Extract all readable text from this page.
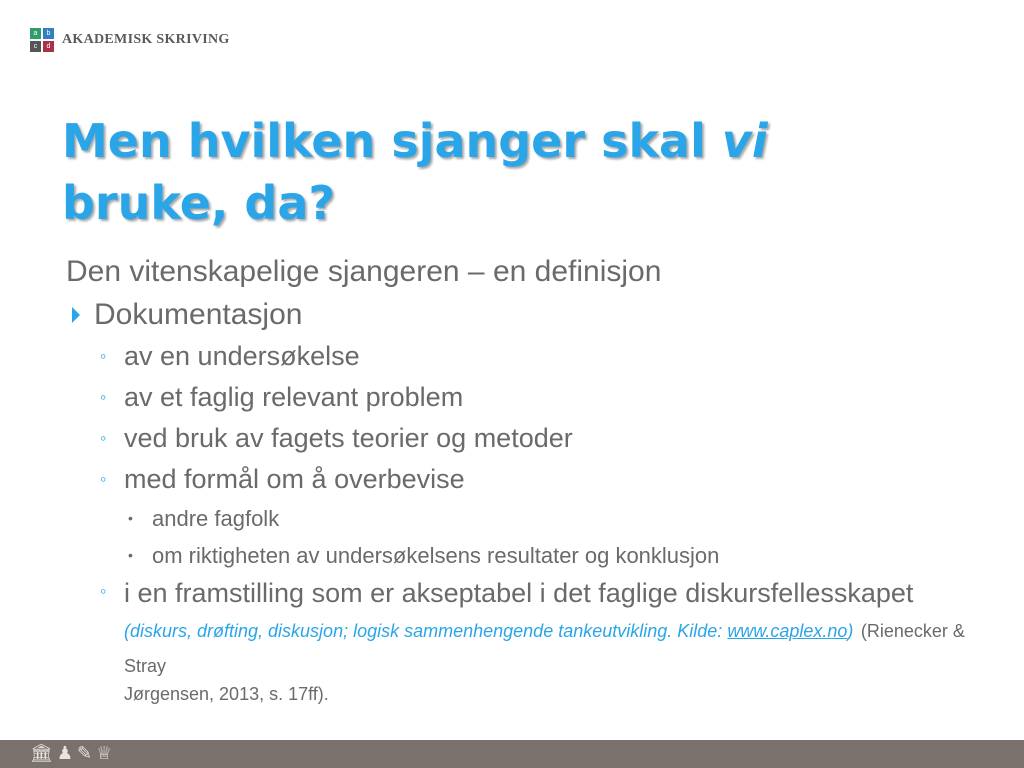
a	b
c	d AKADEMISK SKRIVING
Men hvilken sjanger skal vi
bruke, da?
Den vitenskapelige sjangeren – en definisjon
Dokumentasjon
◦ av en undersøkelse
◦ av et faglig relevant problem
◦ ved bruk av fagets teorier og metoder
◦ med formål om å overbevise
• andre fagfolk
• om riktigheten av undersøkelsens resultater og konklusjon
◦ i en framstilling som er akseptabel i det faglige diskursfellesskapet (diskurs, drøfting, diskusjon; logisk sammenhengende tankeutvikling. Kilde: www.caplex.no) (Rienecker & Stray
Jørgensen, 2013, s. 17ff).
🏛♟✎♕
